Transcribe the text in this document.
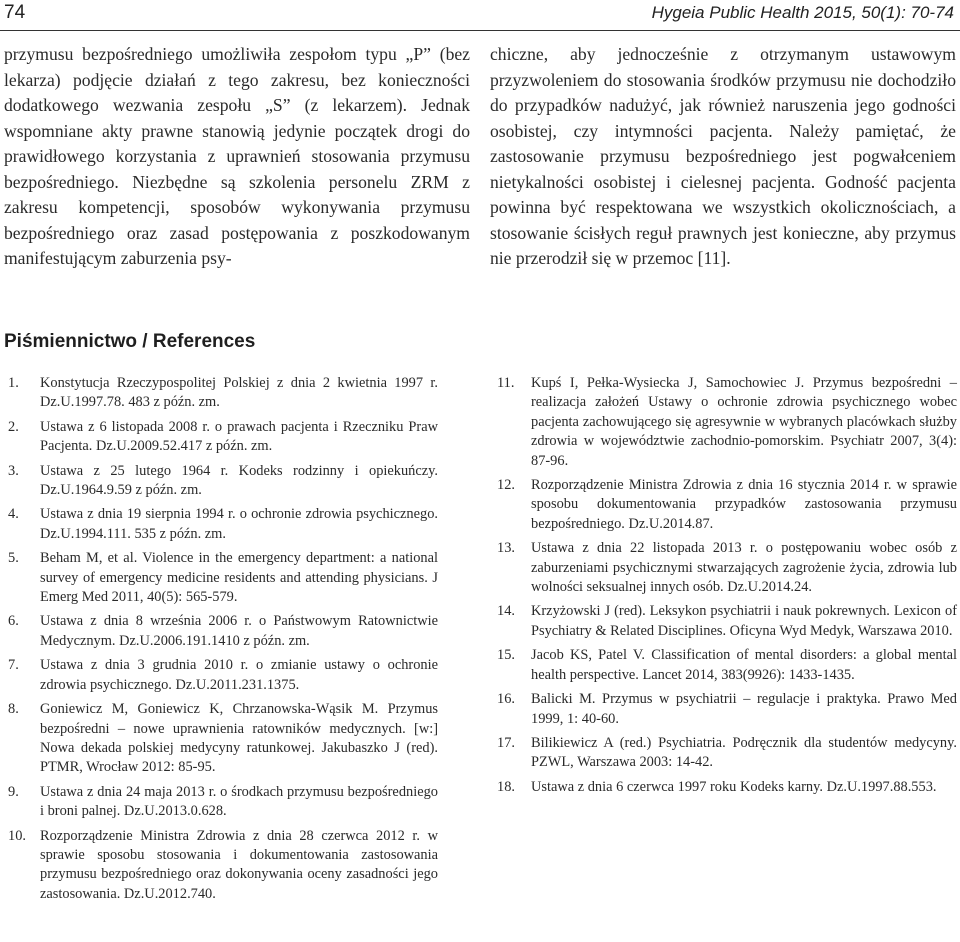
74	Hygeia Public Health 2015, 50(1): 70-74

przymusu bezpośredniego umożliwiła zespołom typu „P” (bez lekarza) podjęcie działań z tego zakresu, bez konieczności dodatkowego wezwania zespołu „S” (z lekarzem). Jednak wspomniane akty prawne stanowią jedynie początek drogi do prawidłowego korzystania z uprawnień stosowania przymusu bezpośredniego. Niezbędne są szkolenia personelu ZRM z zakresu kompetencji, sposobów wykonywania przymusu bezpośredniego oraz zasad postępowania z poszkodowanym manifestującym zaburzenia psy-

chiczne, aby jednocześnie z otrzymanym ustawowym przyzwoleniem do stosowania środków przymusu nie dochodziło do przypadków nadużyć, jak również naruszenia jego godności osobistej, czy intymności pacjenta. Należy pamiętać, że zastosowanie przymusu bezpośredniego jest pogwałceniem nietykalności osobistej i cielesnej pacjenta. Godność pacjenta powinna być respektowana we wszystkich okolicznościach, a stosowanie ścisłych reguł prawnych jest konieczne, aby przymus nie przerodził się w przemoc [11].

Piśmiennictwo / References
1.	Konstytucja Rzeczypospolitej Polskiej z dnia 2 kwietnia 1997 r. Dz.U.1997.78. 483 z późn. zm.
2.	Ustawa z 6 listopada 2008 r. o prawach pacjenta i Rzeczniku Praw Pacjenta. Dz.U.2009.52.417 z późn. zm.
3.	Ustawa z 25 lutego 1964 r. Kodeks rodzinny i opiekuńczy. Dz.U.1964.9.59 z późn. zm.
4.	Ustawa z dnia 19 sierpnia 1994 r. o ochronie zdrowia psychicznego. Dz.U.1994.111. 535 z późn. zm.
5.	Beham M, et al. Violence in the emergency department: a national survey of emergency medicine residents and attending physicians. J Emerg Med 2011, 40(5): 565-579.
6.	Ustawa z dnia 8 września 2006 r. o Państwowym Ratownictwie Medycznym. Dz.U.2006.191.1410 z późn. zm.
7.	Ustawa z dnia 3 grudnia 2010 r. o zmianie ustawy o ochronie zdrowia psychicznego. Dz.U.2011.231.1375.
8.	Goniewicz M, Goniewicz K, Chrzanowska-Wąsik M. Przymus bezpośredni – nowe uprawnienia ratowników medycznych. [w:] Nowa dekada polskiej medycyny ratunkowej. Jakubaszko J (red). PTMR, Wrocław 2012: 85-95.
9.	Ustawa z dnia 24 maja 2013 r. o środkach przymusu bezpośredniego i broni palnej. Dz.U.2013.0.628.
10. Rozporządzenie Ministra Zdrowia z dnia 28 czerwca 2012 r. w sprawie sposobu stosowania i dokumentowania zastosowania przymusu bezpośredniego oraz dokonywania oceny zasadności jego zastosowania. Dz.U.2012.740.
11.	Kupś I, Pełka-Wysiecka J, Samochowiec J. Przymus bezpośredni – realizacja założeń Ustawy o ochronie zdrowia psychicznego wobec pacjenta zachowującego się agresywnie w wybranych placówkach służby zdrowia w województwie zachodnio-pomorskim. Psychiatr 2007, 3(4): 87-96.
12.	Rozporządzenie Ministra Zdrowia z dnia 16 stycznia 2014 r. w sprawie sposobu dokumentowania przypadków zastosowania przymusu bezpośredniego. Dz.U.2014.87.
13.	Ustawa z dnia 22 listopada 2013 r. o postępowaniu wobec osób z zaburzeniami psychicznymi stwarzających zagrożenie życia, zdrowia lub wolności seksualnej innych osób. Dz.U.2014.24.
14.	Krzyżowski J (red). Leksykon psychiatrii i nauk pokrewnych. Lexicon of Psychiatry & Related Disciplines. Oficyna Wyd Medyk, Warszawa 2010.
15.	Jacob KS, Patel V. Classification of mental disorders: a global mental health perspective. Lancet 2014, 383(9926): 1433-1435.
16.	Balicki M. Przymus w psychiatrii – regulacje i praktyka. Prawo Med 1999, 1: 40-60.
17.	Bilikiewicz A (red.) Psychiatria. Podręcznik dla studentów medycyny. PZWL, Warszawa 2003: 14-42.
18.	Ustawa z dnia 6 czerwca 1997 roku Kodeks karny. Dz.U.1997.88.553.
